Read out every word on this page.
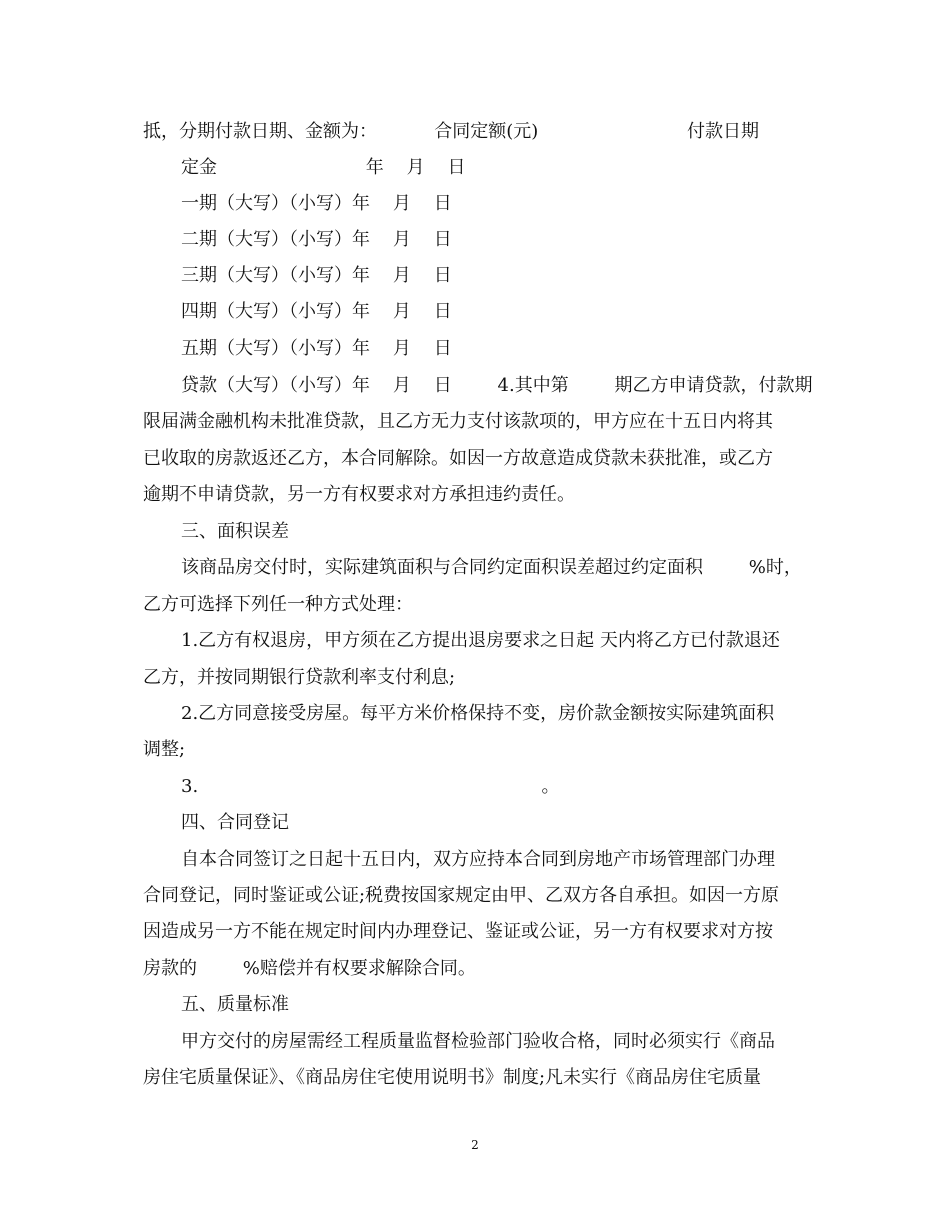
抵，分期付款日期、金额为：          合同定额(元)                          付款日期
定金                          年    月    日
一期（大写）（小写）年    月    日
二期（大写）（小写）年    月    日
三期（大写）（小写）年    月    日
四期（大写）（小写）年    月    日
五期（大写）（小写）年    月    日
贷款（大写）（小写）年    月    日        4.其中第        期乙方申请贷款，付款期
限届满金融机构未批准贷款，且乙方无力支付该款项的，甲方应在十五日内将其
已收取的房款返还乙方，本合同解除。如因一方故意造成贷款未获批准，或乙方
逾期不申请贷款，另一方有权要求对方承担违约责任。
三、面积误差
该商品房交付时，实际建筑面积与合同约定面积误差超过约定面积        %时，
乙方可选择下列任一种方式处理：
1.乙方有权退房，甲方须在乙方提出退房要求之日起 天内将乙方已付款退还
乙方，并按同期银行贷款利率支付利息;
2.乙方同意接受房屋。每平方米价格保持不变，房价款金额按实际建筑面积
调整;
3.                                                            。
四、合同登记
自本合同签订之日起十五日内，双方应持本合同到房地产市场管理部门办理
合同登记，同时鉴证或公证;税费按国家规定由甲、乙双方各自承担。如因一方原
因造成另一方不能在规定时间内办理登记、鉴证或公证，另一方有权要求对方按
房款的        %赔偿并有权要求解除合同。
五、质量标准
甲方交付的房屋需经工程质量监督检验部门验收合格，同时必须实行《商品
房住宅质量保证》、《商品房住宅使用说明书》制度;凡未实行《商品房住宅质量
2
